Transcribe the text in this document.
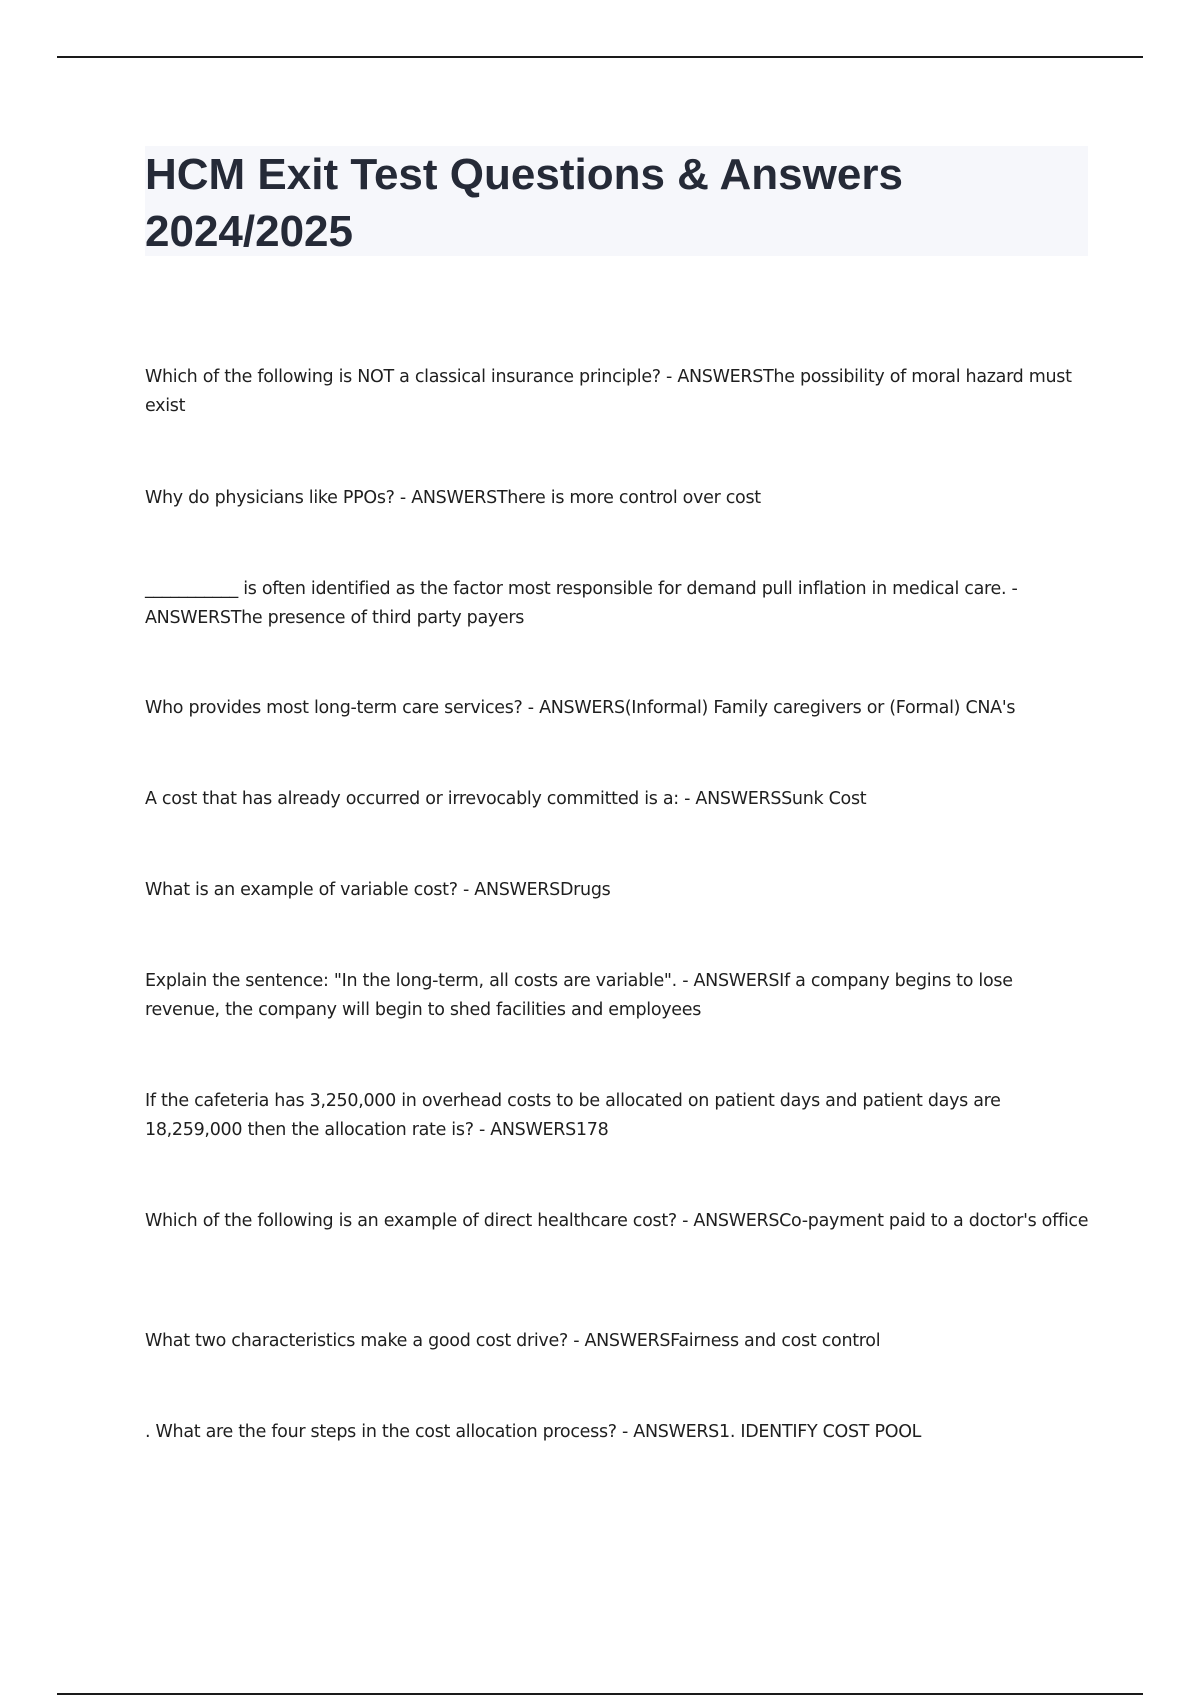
HCM Exit Test Questions & Answers 2024/2025

Which of the following is NOT a classical insurance principle? - ANSWERSThe possibility of moral hazard must exist

Why do physicians like PPOs? - ANSWERSThere is more control over cost

___________ is often identified as the factor most responsible for demand pull inflation in medical care. - ANSWERSThe presence of third party payers

Who provides most long-term care services? - ANSWERS(Informal) Family caregivers or (Formal) CNA's

A cost that has already occurred or irrevocably committed is a: - ANSWERSSunk Cost

What is an example of variable cost? - ANSWERSDrugs

Explain the sentence: "In the long-term, all costs are variable". - ANSWERSIf a company begins to lose revenue, the company will begin to shed facilities and employees

If the cafeteria has 3,250,000 in overhead costs to be allocated on patient days and patient days are 18,259,000 then the allocation rate is? - ANSWERS178

Which of the following is an example of direct healthcare cost? - ANSWERSCo-payment paid to a doctor's office

What two characteristics make a good cost drive? - ANSWERSFairness and cost control

. What are the four steps in the cost allocation process? - ANSWERS1. IDENTIFY COST POOL
